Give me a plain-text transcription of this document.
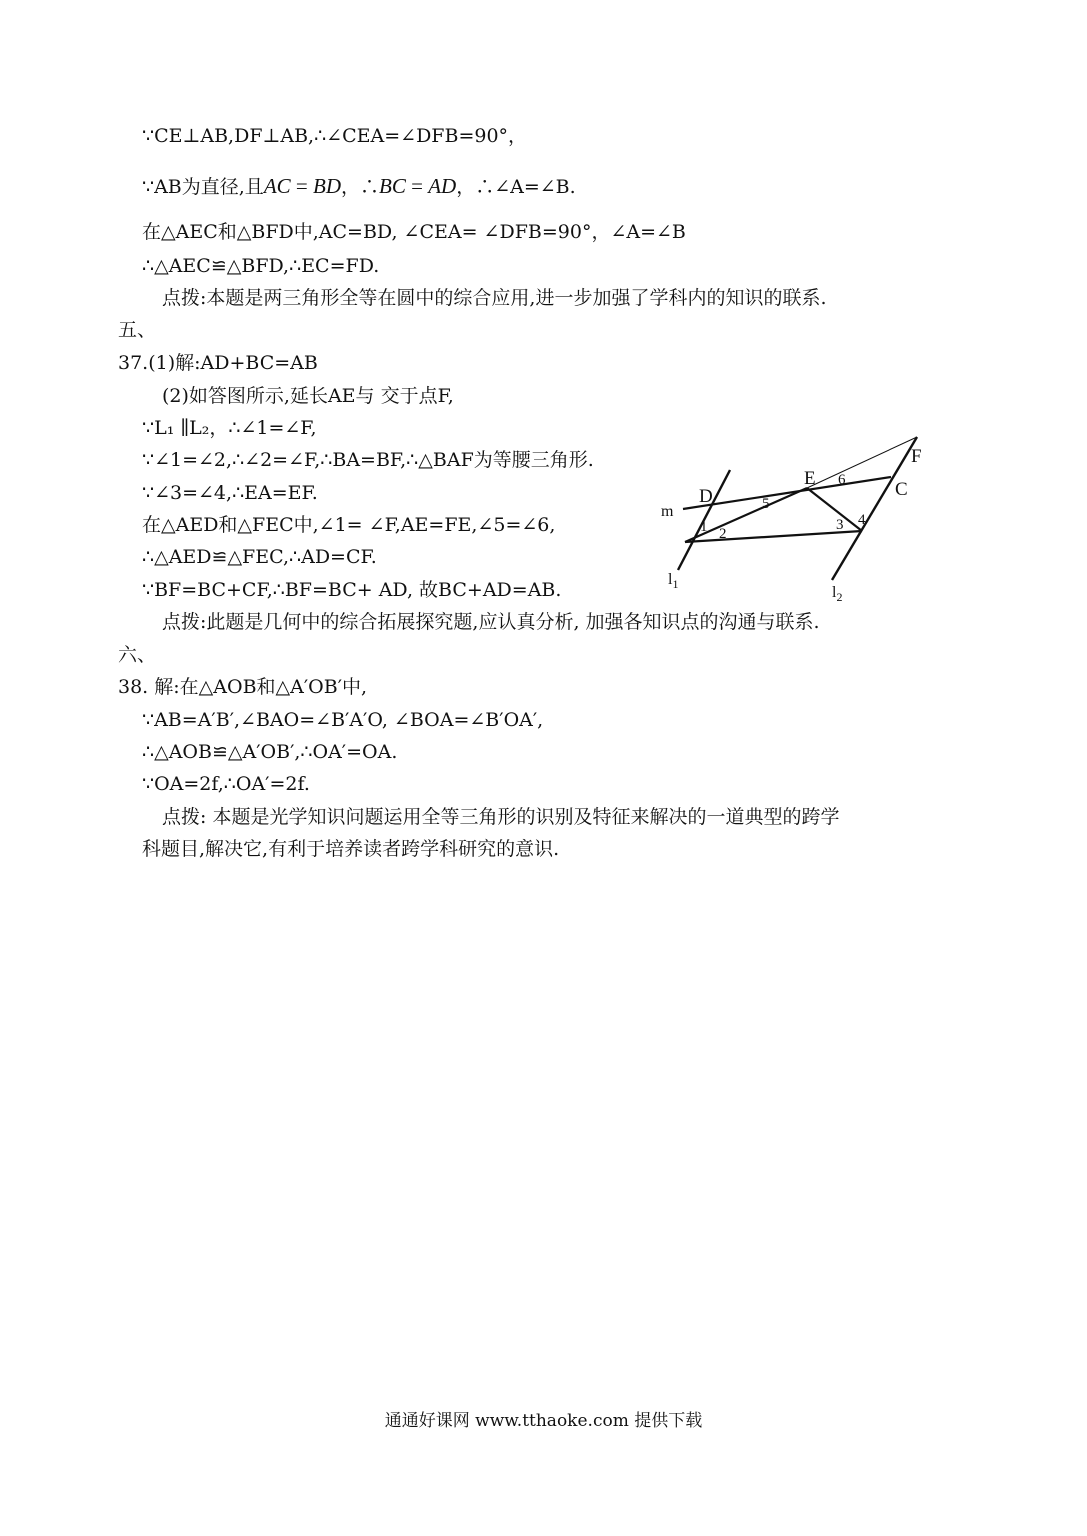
∵CE⊥AB,DF⊥AB,∴∠CEA=∠DFB=90°，
∵AB为直径,且AC = BD，∴BC = AD，∴∠A=∠B.
在△AEC和△BFD中,AC=BD, ∠CEA= ∠DFB=90°，∠A=∠B
∴△AEC≌△BFD,∴EC=FD.
点拨:本题是两三角形全等在圆中的综合应用,进一步加强了学科内的知识的联系.
五、
37.(1)解:AD+BC=AB
(2)如答图所示,延长AE与 交于点F,
∵L₁ ∥L₂，∴∠1=∠F,
∵∠1=∠2,∴∠2=∠F,∴BA=BF,∴△BAF为等腰三角形.
∵∠3=∠4,∴EA=EF.
在△AED和△FEC中,∠1= ∠F,AE=FE,∠5=∠6,
∴△AED≌△FEC,∴AD=CF.
∵BF=BC+CF,∴BF=BC+ AD, 故BC+AD=AB.
点拨:此题是几何中的综合拓展探究题,应认真分析, 加强各知识点的沟通与联系.
六、
38. 解:在△AOB和△A′OB′中,
∵AB=A′B′,∠BAO=∠B′A′O, ∠BOA=∠B′OA′,
∴△AOB≌△A′OB′,∴OA′=OA.
∵OA=2f,∴OA′=2f.
点拨: 本题是光学知识问题运用全等三角形的识别及特征来解决的一道典型的跨学
科题目,解决它,有利于培养读者跨学科研究的意识.
D
E
F
C
m
1 2
3 4
5
6
$l_1$	$l_2$
通通好课网 www.tthaoke.com 提供下载
